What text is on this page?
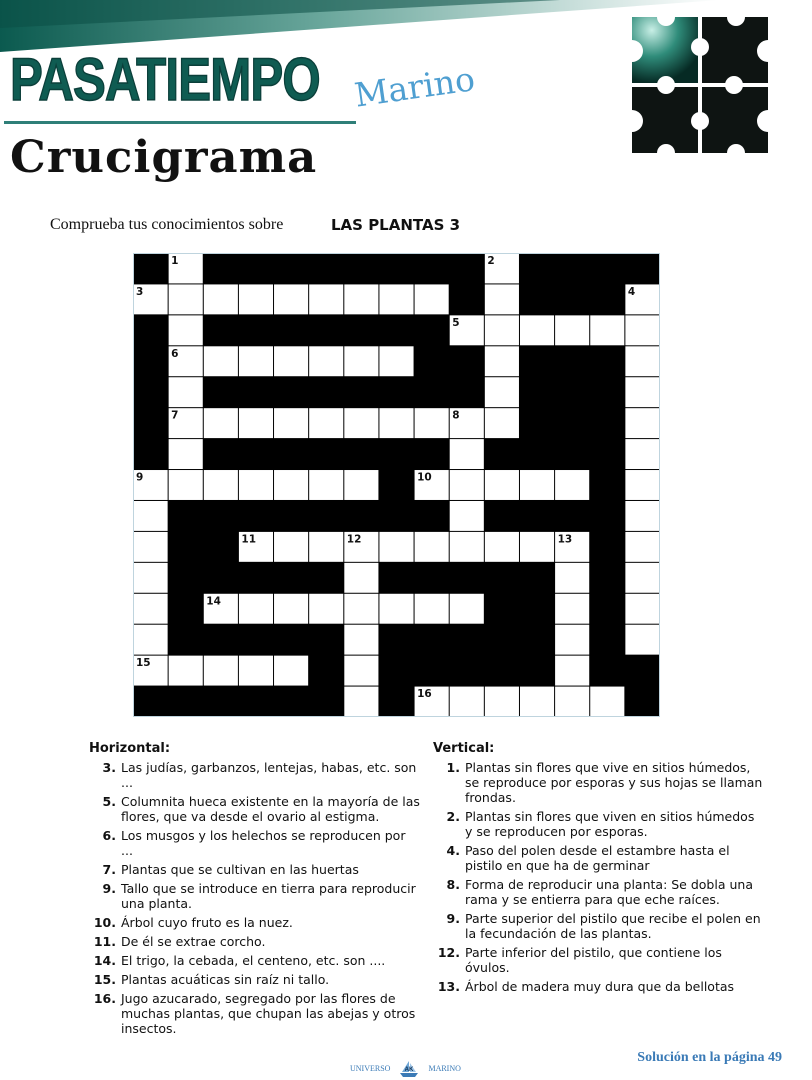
PASATIEMPO Marino
Crucigrama
Comprueba tus conocimientos sobre	LAS PLANTAS 3
1	2
3	4
5
6
7	8
9	10
11	12	13
14
15
16
Horizontal:
3. Las judías, garbanzos, lentejas, habas, etc. son ...
5. Columnita hueca existente en la mayoría de las flores, que va desde el ovario al estigma.
6. Los musgos y los helechos se reproducen por ...
7. Plantas que se cultivan en las huertas
9. Tallo que se introduce en tierra para reproducir una planta.
10. Árbol cuyo fruto es la nuez.
11. De él se extrae corcho.
14. El trigo, la cebada, el centeno, etc. son ....
15. Plantas acuáticas sin raíz ni tallo.
16. Jugo azucarado, segregado por las flores de muchas plantas, que chupan las abejas y otros insectos.
Vertical:
1. Plantas sin flores que vive en sitios húmedos, se reproduce por esporas y sus hojas se llaman frondas.
2. Plantas sin flores que viven en sitios húmedos y se reproducen por esporas.
4. Paso del polen desde el estambre hasta el pistilo en que ha de germinar
8. Forma de reproducir una planta: Se dobla una rama y se entierra para que eche raíces.
9. Parte superior del pistilo que recibe el polen en la fecundación de las plantas.
12. Parte inferior del pistilo, que contiene los óvulos.
13. Árbol de madera muy dura que da bellotas
Solución en la página 49
UNIVERSO AK MARINO
